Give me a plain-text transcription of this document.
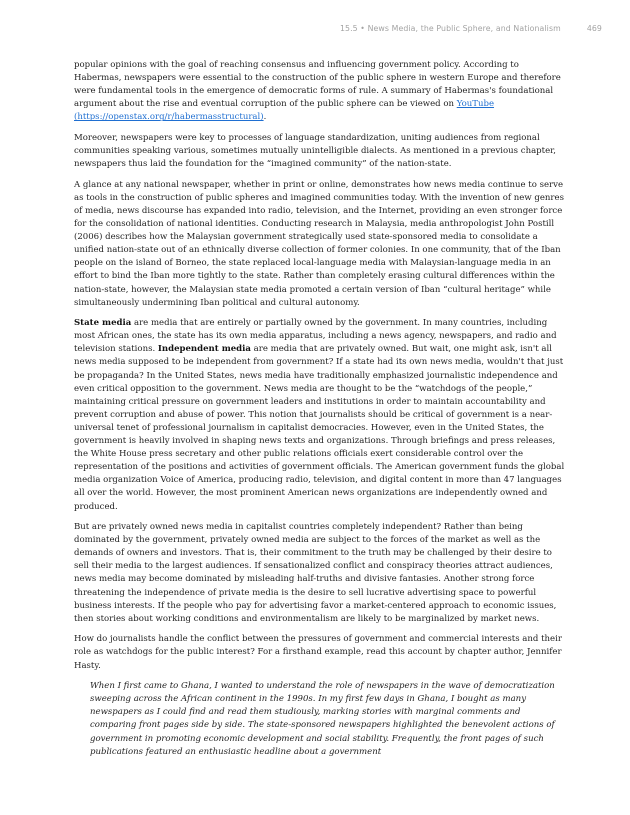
15.5 • News Media, the Public Sphere, and Nationalism	469

popular opinions with the goal of reaching consensus and influencing government policy. According to Habermas, newspapers were essential to the construction of the public sphere in western Europe and therefore were fundamental tools in the emergence of democratic forms of rule. A summary of Habermas's foundational argument about the rise and eventual corruption of the public sphere can be viewed on YouTube (https://openstax.org/r/habermasstructural).

Moreover, newspapers were key to processes of language standardization, uniting audiences from regional communities speaking various, sometimes mutually unintelligible dialects. As mentioned in a previous chapter, newspapers thus laid the foundation for the “imagined community” of the nation-state.

A glance at any national newspaper, whether in print or online, demonstrates how news media continue to serve as tools in the construction of public spheres and imagined communities today. With the invention of new genres of media, news discourse has expanded into radio, television, and the Internet, providing an even stronger force for the consolidation of national identities. Conducting research in Malaysia, media anthropologist John Postill (2006) describes how the Malaysian government strategically used state-sponsored media to consolidate a unified nation-state out of an ethnically diverse collection of former colonies. In one community, that of the Iban people on the island of Borneo, the state replaced local-language media with Malaysian-language media in an effort to bind the Iban more tightly to the state. Rather than completely erasing cultural differences within the nation-state, however, the Malaysian state media promoted a certain version of Iban “cultural heritage” while simultaneously undermining Iban political and cultural autonomy.

State media are media that are entirely or partially owned by the government. In many countries, including most African ones, the state has its own media apparatus, including a news agency, newspapers, and radio and television stations. Independent media are media that are privately owned. But wait, one might ask, isn't all news media supposed to be independent from government? If a state had its own news media, wouldn't that just be propaganda? In the United States, news media have traditionally emphasized journalistic independence and even critical opposition to the government. News media are thought to be the “watchdogs of the people,” maintaining critical pressure on government leaders and institutions in order to maintain accountability and prevent corruption and abuse of power. This notion that journalists should be critical of government is a near-universal tenet of professional journalism in capitalist democracies. However, even in the United States, the government is heavily involved in shaping news texts and organizations. Through briefings and press releases, the White House press secretary and other public relations officials exert considerable control over the representation of the positions and activities of government officials. The American government funds the global media organization Voice of America, producing radio, television, and digital content in more than 47 languages all over the world. However, the most prominent American news organizations are independently owned and produced.

But are privately owned news media in capitalist countries completely independent? Rather than being dominated by the government, privately owned media are subject to the forces of the market as well as the demands of owners and investors. That is, their commitment to the truth may be challenged by their desire to sell their media to the largest audiences. If sensationalized conflict and conspiracy theories attract audiences, news media may become dominated by misleading half-truths and divisive fantasies. Another strong force threatening the independence of private media is the desire to sell lucrative advertising space to powerful business interests. If the people who pay for advertising favor a market-centered approach to economic issues, then stories about working conditions and environmentalism are likely to be marginalized by market news.

How do journalists handle the conflict between the pressures of government and commercial interests and their role as watchdogs for the public interest? For a firsthand example, read this account by chapter author, Jennifer Hasty.

When I first came to Ghana, I wanted to understand the role of newspapers in the wave of democratization sweeping across the African continent in the 1990s. In my first few days in Ghana, I bought as many newspapers as I could find and read them studiously, marking stories with marginal comments and comparing front pages side by side. The state-sponsored newspapers highlighted the benevolent actions of government in promoting economic development and social stability. Frequently, the front pages of such publications featured an enthusiastic headline about a government
